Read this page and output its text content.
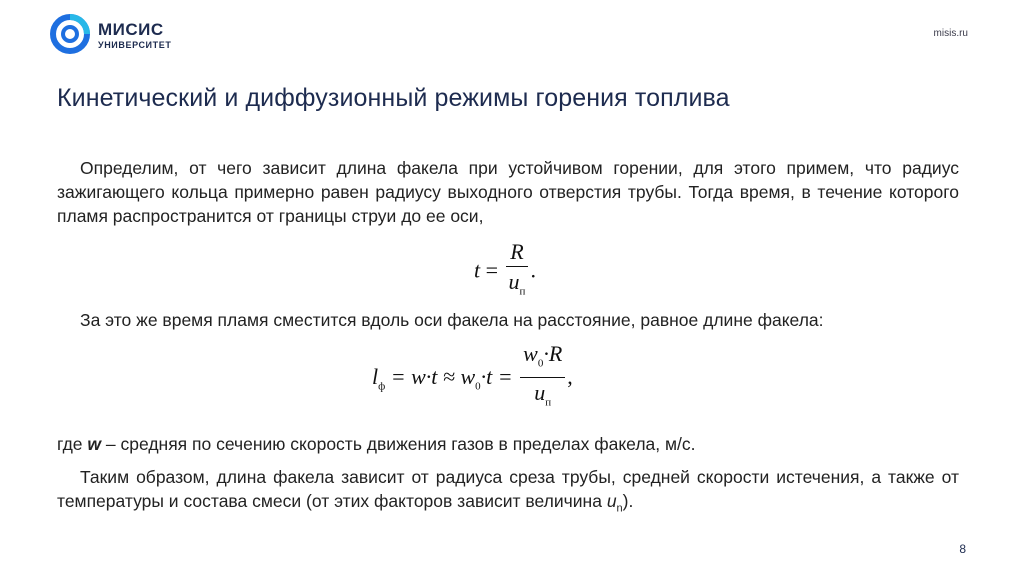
МИСИС
УНИВЕРСИТЕТ
misis.ru
Кинетический и диффузионный режимы горения топлива
Определим, от чего зависит длина факела при устойчивом горении, для этого примем, что радиус зажигающего кольца примерно равен радиусу выходного отверстия трубы. Тогда время, в течение которого пламя распространится от границы струи до ее оси,
$t = \frac{R}{u_п}$ .
За это же время пламя сместится вдоль оси факела на расстояние, равное длине факела:
$l_ф = w\cdot t \approx w_0\cdot t = \frac{w_0\cdot R}{u_п}$ ,
где w – средняя по сечению скорость движения газов в пределах факела, м/с.
Таким образом, длина факела зависит от радиуса среза трубы, средней скорости истечения, а также от температуры и состава смеси (от этих факторов зависит величина $u_n$).
8
